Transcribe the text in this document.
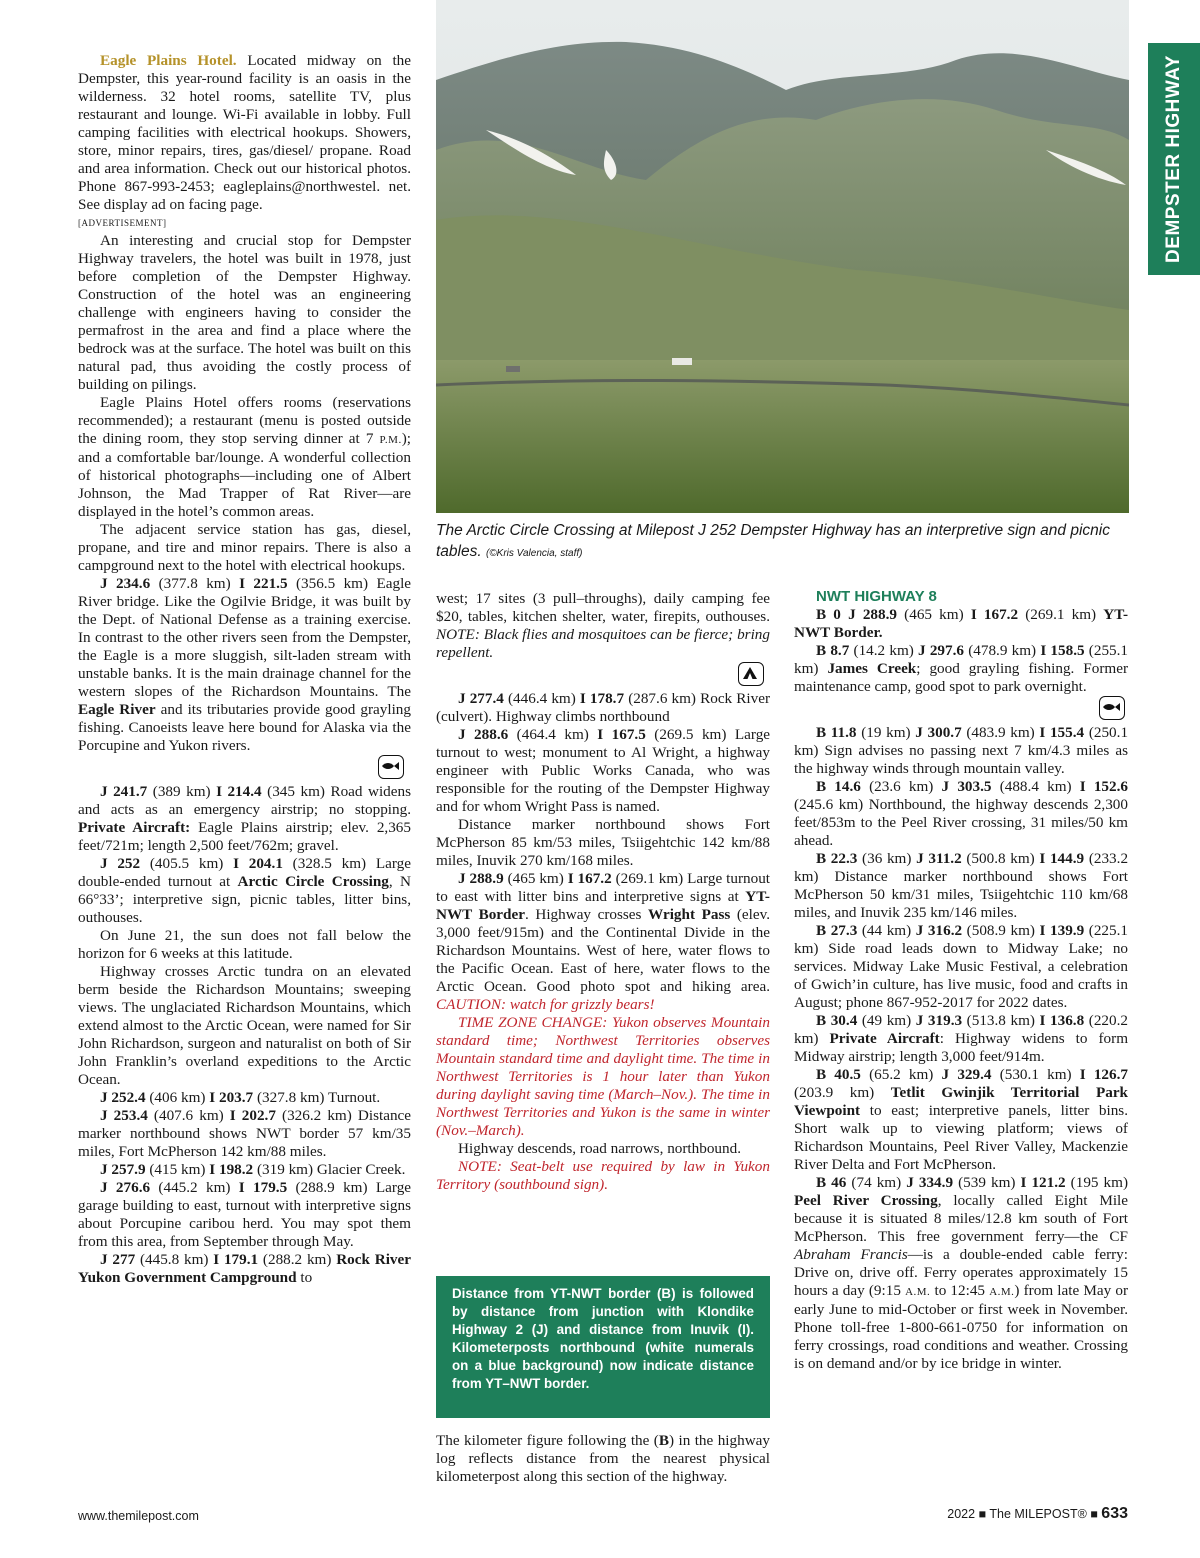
The Arctic Circle Crossing at Milepost J 252 Dempster Highway has an interpretive sign and picnic tables. (©Kris Valencia, staff)
DEMPSTER HIGHWAY

Eagle Plains Hotel. Located midway on the Dempster, this year-round facility is an oasis in the wilderness. 32 hotel rooms, satellite TV, plus restaurant and lounge. Wi-Fi available in lobby. Full camping facilities with electrical hookups. Showers, store, minor repairs, tires, gas/diesel/ propane. Road and area information. Check out our historical photos. Phone 867-993-2453; eagleplains@northwestel. net. See display ad on facing page.
[ADVERTISEMENT]

An interesting and crucial stop for Dempster Highway travelers, the hotel was built in 1978, just before completion of the Dempster Highway. Construction of the hotel was an engineering challenge with engineers having to consider the permafrost in the area and find a place where the bedrock was at the surface. The hotel was built on this natural pad, thus avoiding the costly process of building on pilings.

Eagle Plains Hotel offers rooms (reservations recommended); a restaurant (menu is posted outside the dining room, they stop serving dinner at 7 P.M.); and a comfortable bar/lounge. A wonderful collection of historical photographs—including one of Albert Johnson, the Mad Trapper of Rat River—are displayed in the hotel’s common areas.

The adjacent service station has gas, diesel, propane, and tire and minor repairs. There is also a campground next to the hotel with electrical hookups.

J 234.6 (377.8 km) I 221.5 (356.5 km) Eagle River bridge. Like the Ogilvie Bridge, it was built by the Dept. of National Defense as a training exercise. In contrast to the other rivers seen from the Dempster, the Eagle is a more sluggish, silt-laden stream with unstable banks. It is the main drainage channel for the western slopes of the Richardson Mountains. The Eagle River and its tributaries provide good grayling fishing. Canoeists leave here bound for Alaska via the Porcupine and Yukon rivers.

J 241.7 (389 km) I 214.4 (345 km) Road widens and acts as an emergency airstrip; no stopping. Private Aircraft: Eagle Plains airstrip; elev. 2,365 feet/721m; length 2,500 feet/762m; gravel.

J 252 (405.5 km) I 204.1 (328.5 km) Large double-ended turnout at Arctic Circle Crossing, N 66°33’; interpretive sign, picnic tables, litter bins, outhouses.

On June 21, the sun does not fall below the horizon for 6 weeks at this latitude.

Highway crosses Arctic tundra on an elevated berm beside the Richardson Mountains; sweeping views. The unglaciated Richardson Mountains, which extend almost to the Arctic Ocean, were named for Sir John Richardson, surgeon and naturalist on both of Sir John Franklin’s overland expeditions to the Arctic Ocean.

J 252.4 (406 km) I 203.7 (327.8 km) Turnout.

J 253.4 (407.6 km) I 202.7 (326.2 km) Distance marker northbound shows NWT border 57 km/35 miles, Fort McPherson 142 km/88 miles.

J 257.9 (415 km) I 198.2 (319 km) Glacier Creek.

J 276.6 (445.2 km) I 179.5 (288.9 km) Large garage building to east, turnout with interpretive signs about Porcupine caribou herd. You may spot them from this area, from September through May.

J 277 (445.8 km) I 179.1 (288.2 km) Rock River Yukon Government Campground to

west; 17 sites (3 pull–throughs), daily camping fee $20, tables, kitchen shelter, water, firepits, outhouses. NOTE: Black flies and mosquitoes can be fierce; bring repellent.

J 277.4 (446.4 km) I 178.7 (287.6 km) Rock River (culvert). Highway climbs northbound

J 288.6 (464.4 km) I 167.5 (269.5 km) Large turnout to west; monument to Al Wright, a highway engineer with Public Works Canada, who was responsible for the routing of the Dempster Highway and for whom Wright Pass is named.

Distance marker northbound shows Fort McPherson 85 km/53 miles, Tsiigehtchic 142 km/88 miles, Inuvik 270 km/168 miles.

J 288.9 (465 km) I 167.2 (269.1 km) Large turnout to east with litter bins and interpretive signs at YT-NWT Border. Highway crosses Wright Pass (elev. 3,000 feet/915m) and the Continental Divide in the Richardson Mountains. West of here, water flows to the Pacific Ocean. East of here, water flows to the Arctic Ocean. Good photo spot and hiking area. CAUTION: watch for grizzly bears!

TIME ZONE CHANGE: Yukon observes Mountain standard time; Northwest Territories observes Mountain standard time and daylight time. The time in Northwest Territories is 1 hour later than Yukon during daylight saving time (March–Nov.). The time in Northwest Territories and Yukon is the same in winter (Nov.–March).

Highway descends, road narrows, northbound.

NOTE: Seat-belt use required by law in Yukon Territory (southbound sign).

Distance from YT-NWT border (B) is followed by distance from junction with Klondike Highway 2 (J) and distance from Inuvik (I). Kilometerposts northbound (white numerals on a blue background) now indicate distance from YT–NWT border.

The kilometer figure following the (B) in the highway log reflects distance from the nearest physical kilometerpost along this section of the highway.

NWT HIGHWAY 8

B 0 J 288.9 (465 km) I 167.2 (269.1 km) YT-NWT Border.

B 8.7 (14.2 km) J 297.6 (478.9 km) I 158.5 (255.1 km) James Creek; good grayling fishing. Former maintenance camp, good spot to park overnight.

B 11.8 (19 km) J 300.7 (483.9 km) I 155.4 (250.1 km) Sign advises no passing next 7 km/4.3 miles as the highway winds through mountain valley.

B 14.6 (23.6 km) J 303.5 (488.4 km) I 152.6 (245.6 km) Northbound, the highway descends 2,300 feet/853m to the Peel River crossing, 31 miles/50 km ahead.

B 22.3 (36 km) J 311.2 (500.8 km) I 144.9 (233.2 km) Distance marker northbound shows Fort McPherson 50 km/31 miles, Tsiigehtchic 110 km/68 miles, and Inuvik 235 km/146 miles.

B 27.3 (44 km) J 316.2 (508.9 km) I 139.9 (225.1 km) Side road leads down to Midway Lake; no services. Midway Lake Music Festival, a celebration of Gwich’in culture, has live music, food and crafts in August; phone 867-952-2017 for 2022 dates.

B 30.4 (49 km) J 319.3 (513.8 km) I 136.8 (220.2 km) Private Aircraft: Highway widens to form Midway airstrip; length 3,000 feet/914m.

B 40.5 (65.2 km) J 329.4 (530.1 km) I 126.7 (203.9 km) Tetlit Gwinjik Territorial Park Viewpoint to east; interpretive panels, litter bins. Short walk up to viewing platform; views of Richardson Mountains, Peel River Valley, Mackenzie River Delta and Fort McPherson.

B 46 (74 km) J 334.9 (539 km) I 121.2 (195 km) Peel River Crossing, locally called Eight Mile because it is situated 8 miles/12.8 km south of Fort McPherson. This free government ferry—the CF Abraham Francis—is a double-ended cable ferry: Drive on, drive off. Ferry operates approximately 15 hours a day (9:15 A.M. to 12:45 A.M.) from late May or early June to mid-October or first week in November. Phone toll-free 1-800-661-0750 for information on ferry crossings, road conditions and weather. Crossing is on demand and/or by ice bridge in winter.

www.themilepost.com	2022 ■ The MILEPOST® ■ 633
